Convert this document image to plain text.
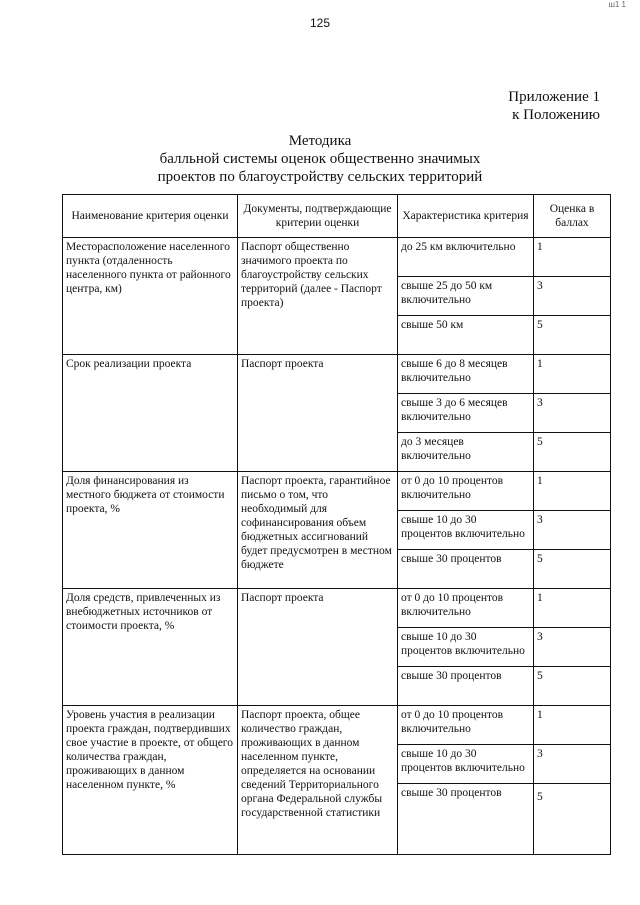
ш1 1
125
Приложение 1
к Положению
Методика
балльной системы оценок общественно значимых
проектов по благоустройству сельских территорий
Наименование критерия оценки	Документы, подтверждающие критерии оценки	Характеристика критерия	Оценка в баллах
Месторасположение населенного пункта (отдаленность населенного пункта от районного центра, км)	Паспорт общественно значимого проекта по благоустройству сельских территорий (далее - Паспорт проекта)	до 25 км включительно	1
		свыше 25 до 50 км включительно	3
		свыше 50 км	5
Срок реализации проекта	Паспорт проекта	свыше 6 до 8 месяцев включительно	1
		свыше 3 до 6 месяцев включительно	3
		до 3 месяцев включительно	5
Доля финансирования из местного бюджета от стоимости проекта, %	Паспорт проекта, гарантийное письмо о том, что необходимый для софинансирования объем бюджетных ассигнований будет предусмотрен в местном бюджете	от 0 до 10 процентов включительно	1
		свыше 10 до 30 процентов включительно	3
		свыше 30 процентов	5
Доля средств, привлеченных из внебюджетных источников от стоимости проекта, %	Паспорт проекта	от 0 до 10 процентов включительно	1
		свыше 10 до 30 процентов включительно	3
		свыше 30 процентов	5
Уровень участия в реализации проекта граждан, подтвердивших свое участие в проекте, от общего количества граждан, проживающих в данном населенном пункте, %	Паспорт проекта, общее количество граждан, проживающих в данном населенном пункте, определяется на основании сведений Территориального органа Федеральной службы государственной статистики	от 0 до 10 процентов включительно	1
		свыше 10 до 30 процентов включительно	3
		свыше 30 процентов	5
